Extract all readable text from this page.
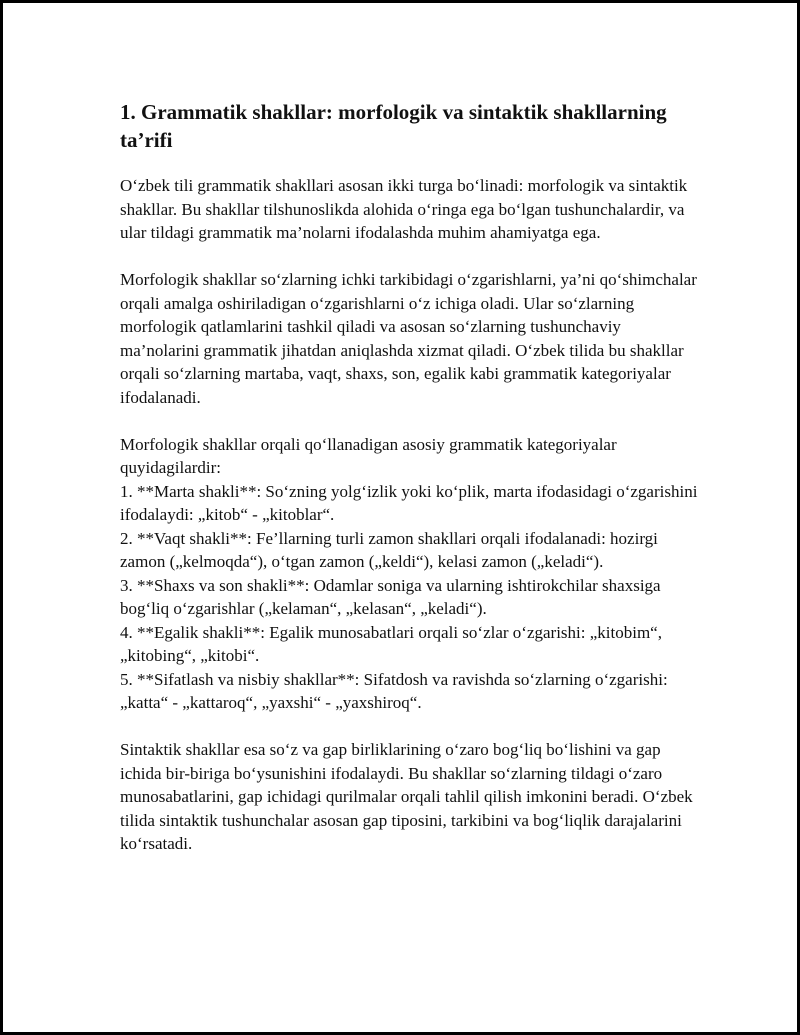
1. Grammatik shakllar: morfologik va sintaktik shakllarning ta’rifi

O‘zbek tili grammatik shakllari asosan ikki turga bo‘linadi: morfologik va sintaktik shakllar. Bu shakllar tilshunoslikda alohida o‘ringa ega bo‘lgan tushunchalardir, va ular tildagi grammatik ma’nolarni ifodalashda muhim ahamiyatga ega.

Morfologik shakllar so‘zlarning ichki tarkibidagi o‘zgarishlarni, ya’ni qo‘shimchalar orqali amalga oshiriladigan o‘zgarishlarni o‘z ichiga oladi. Ular so‘zlarning morfologik qatlamlarini tashkil qiladi va asosan so‘zlarning tushunchaviy ma’nolarini grammatik jihatdan aniqlashda xizmat qiladi. O‘zbek tilida bu shakllar orqali so‘zlarning martaba, vaqt, shaxs, son, egalik kabi grammatik kategoriyalar ifodalanadi.

Morfologik shakllar orqali qo‘llanadigan asosiy grammatik kategoriyalar quyidagilardir:

1. **Marta shakli**: So‘zning yolg‘izlik yoki ko‘plik, marta ifodasidagi o‘zgarishini ifodalaydi: „kitob“ - „kitoblar“.
2. **Vaqt shakli**: Fe’llarning turli zamon shakllari orqali ifodalanadi: hozirgi zamon („kelmoqda“), o‘tgan zamon („keldi“), kelasi zamon („keladi“).
3. **Shaxs va son shakli**: Odamlar soniga va ularning ishtirokchilar shaxsiga bog‘liq o‘zgarishlar („kelaman“, „kelasan“, „keladi“).
4. **Egalik shakli**: Egalik munosabatlari orqali so‘zlar o‘zgarishi: „kitobim“, „kitobing“, „kitobi“.
5. **Sifatlash va nisbiy shakllar**: Sifatdosh va ravishda so‘zlarning o‘zgarishi: „katta“ - „kattaroq“, „yaxshi“ - „yaxshiroq“.

Sintaktik shakllar esa so‘z va gap birliklarining o‘zaro bog‘liq bo‘lishini va gap ichida bir-biriga bo‘ysunishini ifodalaydi. Bu shakllar so‘zlarning tildagi o‘zaro munosabatlarini, gap ichidagi qurilmalar orqali tahlil qilish imkonini beradi. O‘zbek tilida sintaktik tushunchalar asosan gap tiposini, tarkibini va bog‘liqlik darajalarini ko‘rsatadi.
